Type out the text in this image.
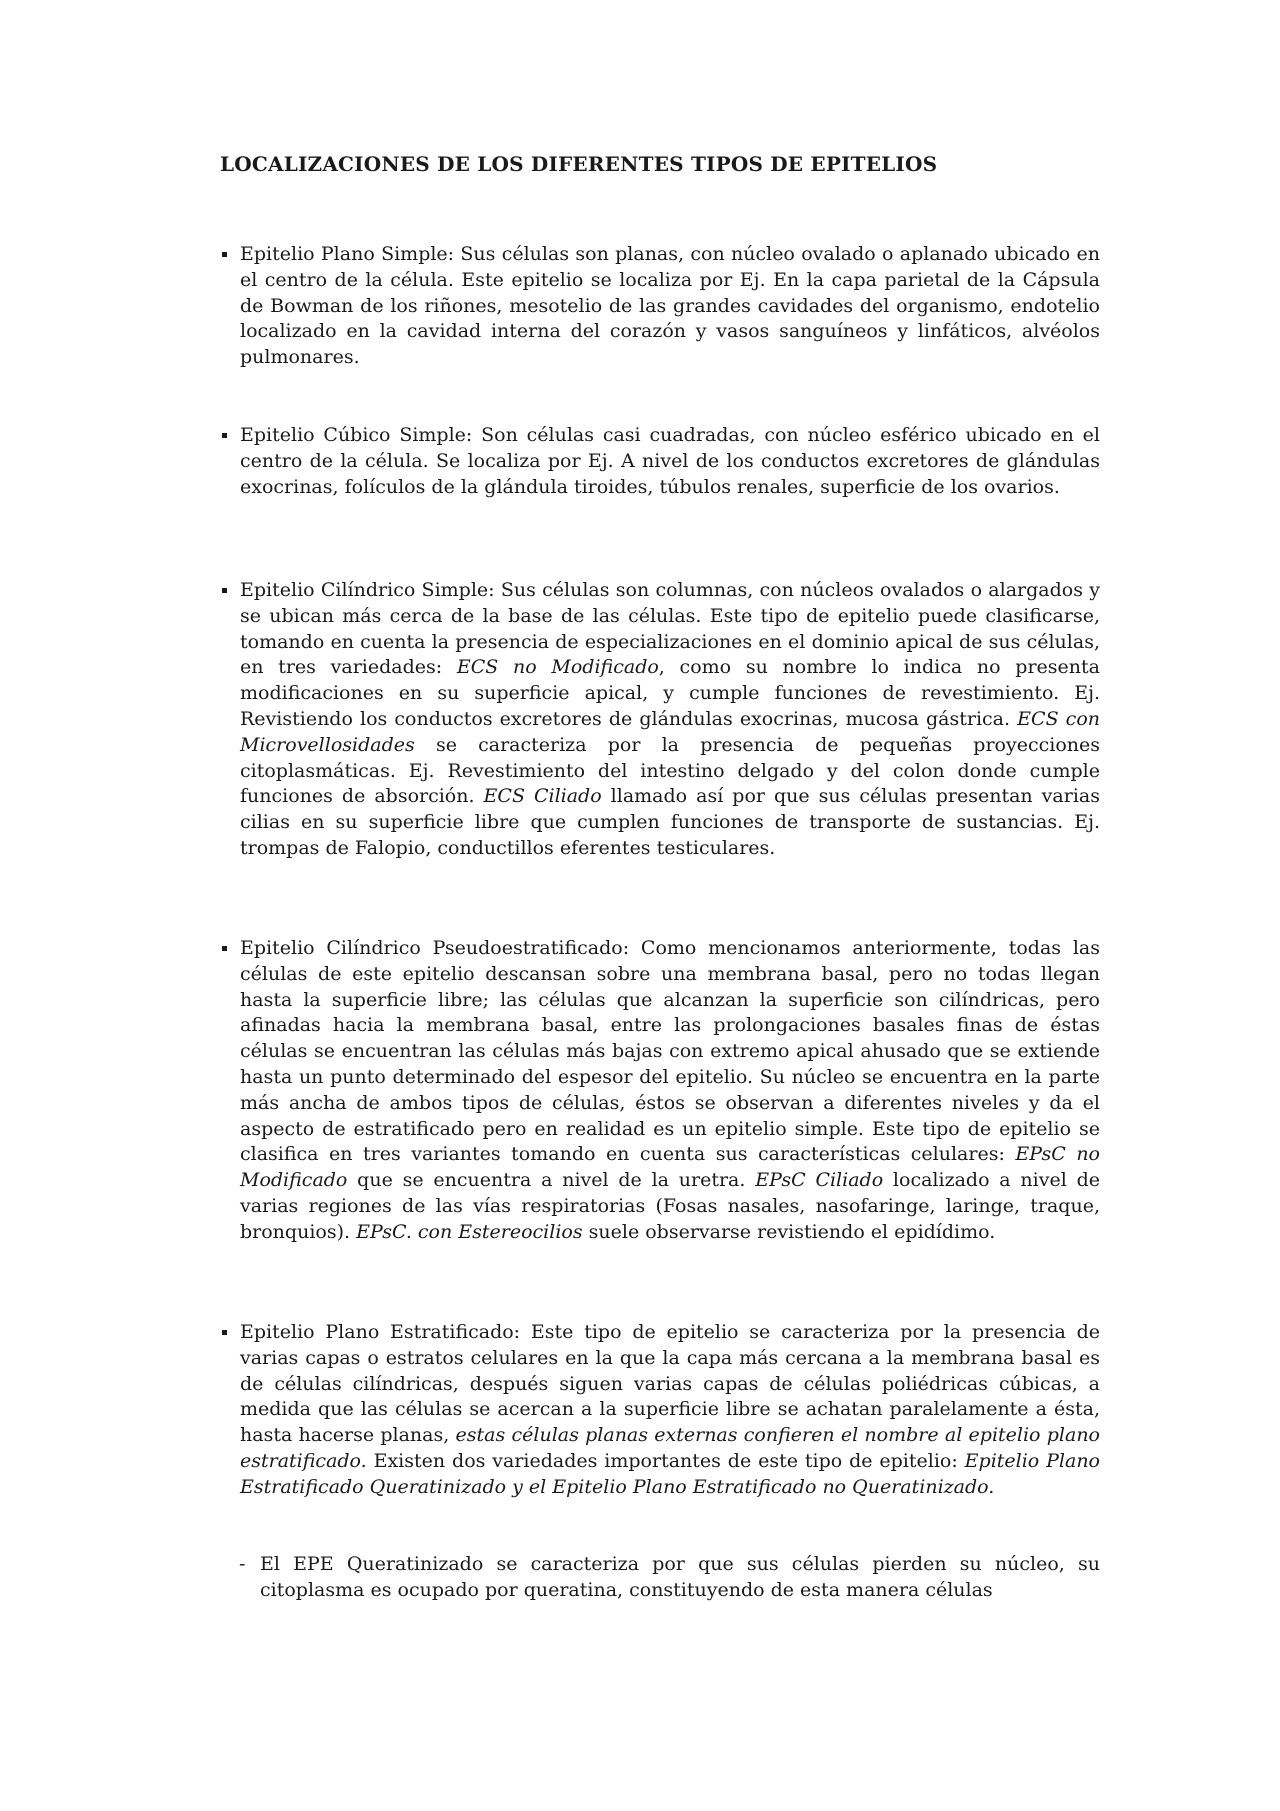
LOCALIZACIONES DE LOS DIFERENTES TIPOS DE EPITELIOS

Epitelio Plano Simple: Sus células son planas, con núcleo ovalado o aplanado ubicado en el centro de la célula. Este epitelio se localiza por Ej. En la capa parietal de la Cápsula de Bowman de los riñones, mesotelio de las grandes cavidades del organismo, endotelio localizado en la cavidad interna del corazón y vasos sanguíneos y linfáticos, alvéolos pulmonares.

Epitelio Cúbico Simple: Son células casi cuadradas, con núcleo esférico ubicado en el centro de la célula. Se localiza por Ej. A nivel de los conductos excretores de glándulas exocrinas, folículos de la glándula tiroides, túbulos renales, superficie de los ovarios.

Epitelio Cilíndrico Simple: Sus células son columnas, con núcleos ovalados o alargados y se ubican más cerca de la base de las células. Este tipo de epitelio puede clasificarse, tomando en cuenta la presencia de especializaciones en el dominio apical de sus células, en tres variedades: ECS no Modificado, como su nombre lo indica no presenta modificaciones en su superficie apical, y cumple funciones de revestimiento. Ej. Revistiendo los conductos excretores de glándulas exocrinas, mucosa gástrica. ECS con Microvellosidades se caracteriza por la presencia de pequeñas proyecciones citoplasmáticas. Ej. Revestimiento del intestino delgado y del colon donde cumple funciones de absorción. ECS Ciliado llamado así por que sus células presentan varias cilias en su superficie libre que cumplen funciones de transporte de sustancias. Ej. trompas de Falopio, conductillos eferentes testiculares.

Epitelio Cilíndrico Pseudoestratificado: Como mencionamos anteriormente, todas las células de este epitelio descansan sobre una membrana basal, pero no todas llegan hasta la superficie libre; las células que alcanzan la superficie son cilíndricas, pero afinadas hacia la membrana basal, entre las prolongaciones basales finas de éstas células se encuentran las células más bajas con extremo apical ahusado que se extiende hasta un punto determinado del espesor del epitelio. Su núcleo se encuentra en la parte más ancha de ambos tipos de células, éstos se observan a diferentes niveles y da el aspecto de estratificado pero en realidad es un epitelio simple. Este tipo de epitelio se clasifica en tres variantes tomando en cuenta sus características celulares: EPsC no Modificado que se encuentra a nivel de la uretra. EPsC Ciliado localizado a nivel de varias regiones de las vías respiratorias (Fosas nasales, nasofaringe, laringe, traque, bronquios). EPsC. con Estereocilios suele observarse revistiendo el epidídimo.

Epitelio Plano Estratificado: Este tipo de epitelio se caracteriza por la presencia de varias capas o estratos celulares en la que la capa más cercana a la membrana basal es de células cilíndricas, después siguen varias capas de células poliédricas cúbicas, a medida que las células se acercan a la superficie libre se achatan paralelamente a ésta, hasta hacerse planas, estas células planas externas confieren el nombre al epitelio plano estratificado. Existen dos variedades importantes de este tipo de epitelio: Epitelio Plano Estratificado Queratinizado y el Epitelio Plano Estratificado no Queratinizado.

- El EPE Queratinizado se caracteriza por que sus células pierden su núcleo, su citoplasma es ocupado por queratina, constituyendo de esta manera células
